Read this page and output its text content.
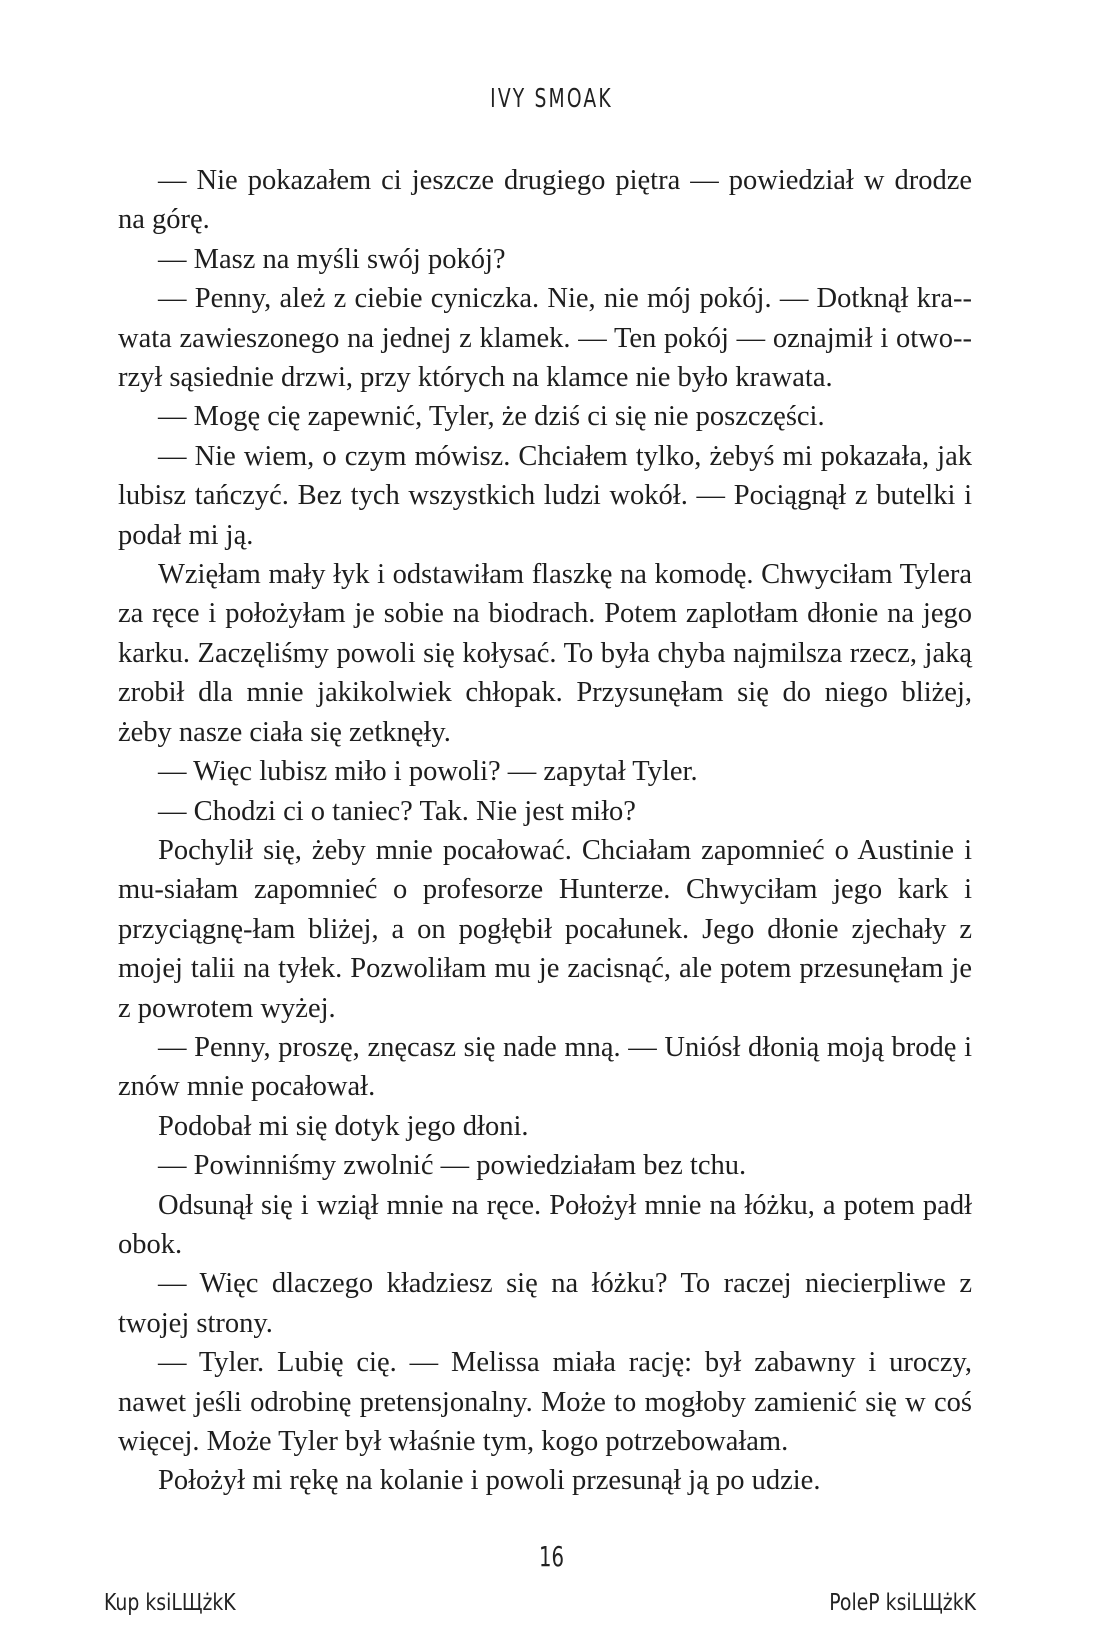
IVY SMOAK

— Nie pokazałem ci jeszcze drugiego piętra — powiedział w drodze na górę.

— Masz na myśli swój pokój?

— Penny, ależ z ciebie cyniczka. Nie, nie mój pokój. — Dotknął kra-wata zawieszonego na jednej z klamek. — Ten pokój — oznajmił i otwo-rzył sąsiednie drzwi, przy których na klamce nie było krawata.

— Mogę cię zapewnić, Tyler, że dziś ci się nie poszczęści.

— Nie wiem, o czym mówisz. Chciałem tylko, żebyś mi pokazała, jak lubisz tańczyć. Bez tych wszystkich ludzi wokół. — Pociągnął z butelki i podał mi ją.

Wzięłam mały łyk i odstawiłam flaszkę na komodę. Chwyciłam Tylera za ręce i położyłam je sobie na biodrach. Potem zaplotłam dłonie na jego karku. Zaczęliśmy powoli się kołysać. To była chyba najmilsza rzecz, jaką zrobił dla mnie jakikolwiek chłopak. Przysunęłam się do niego bliżej, żeby nasze ciała się zetknęły.

— Więc lubisz miło i powoli? — zapytał Tyler.

— Chodzi ci o taniec? Tak. Nie jest miło?

Pochylił się, żeby mnie pocałować. Chciałam zapomnieć o Austinie i mu-siałam zapomnieć o profesorze Hunterze. Chwyciłam jego kark i przyciągnę-łam bliżej, a on pogłębił pocałunek. Jego dłonie zjechały z mojej talii na tyłek. Pozwoliłam mu je zacisnąć, ale potem przesunęłam je z powrotem wyżej.

— Penny, proszę, znęcasz się nade mną. — Uniósł dłonią moją brodę i znów mnie pocałował.

Podobał mi się dotyk jego dłoni.

— Powinniśmy zwolnić — powiedziałam bez tchu.

Odsunął się i wziął mnie na ręce. Położył mnie na łóżku, a potem padł obok.

— Więc dlaczego kładziesz się na łóżku? To raczej niecierpliwe z twojej strony.

— Tyler. Lubię cię. — Melissa miała rację: był zabawny i uroczy, nawet jeśli odrobinę pretensjonalny. Może to mogłoby zamienić się w coś więcej. Może Tyler był właśnie tym, kogo potrzebowałam.

Położył mi rękę na kolanie i powoli przesunął ją po udzie.

16
Kup ksiLЩżkK	PoleP ksiLЩżkK
